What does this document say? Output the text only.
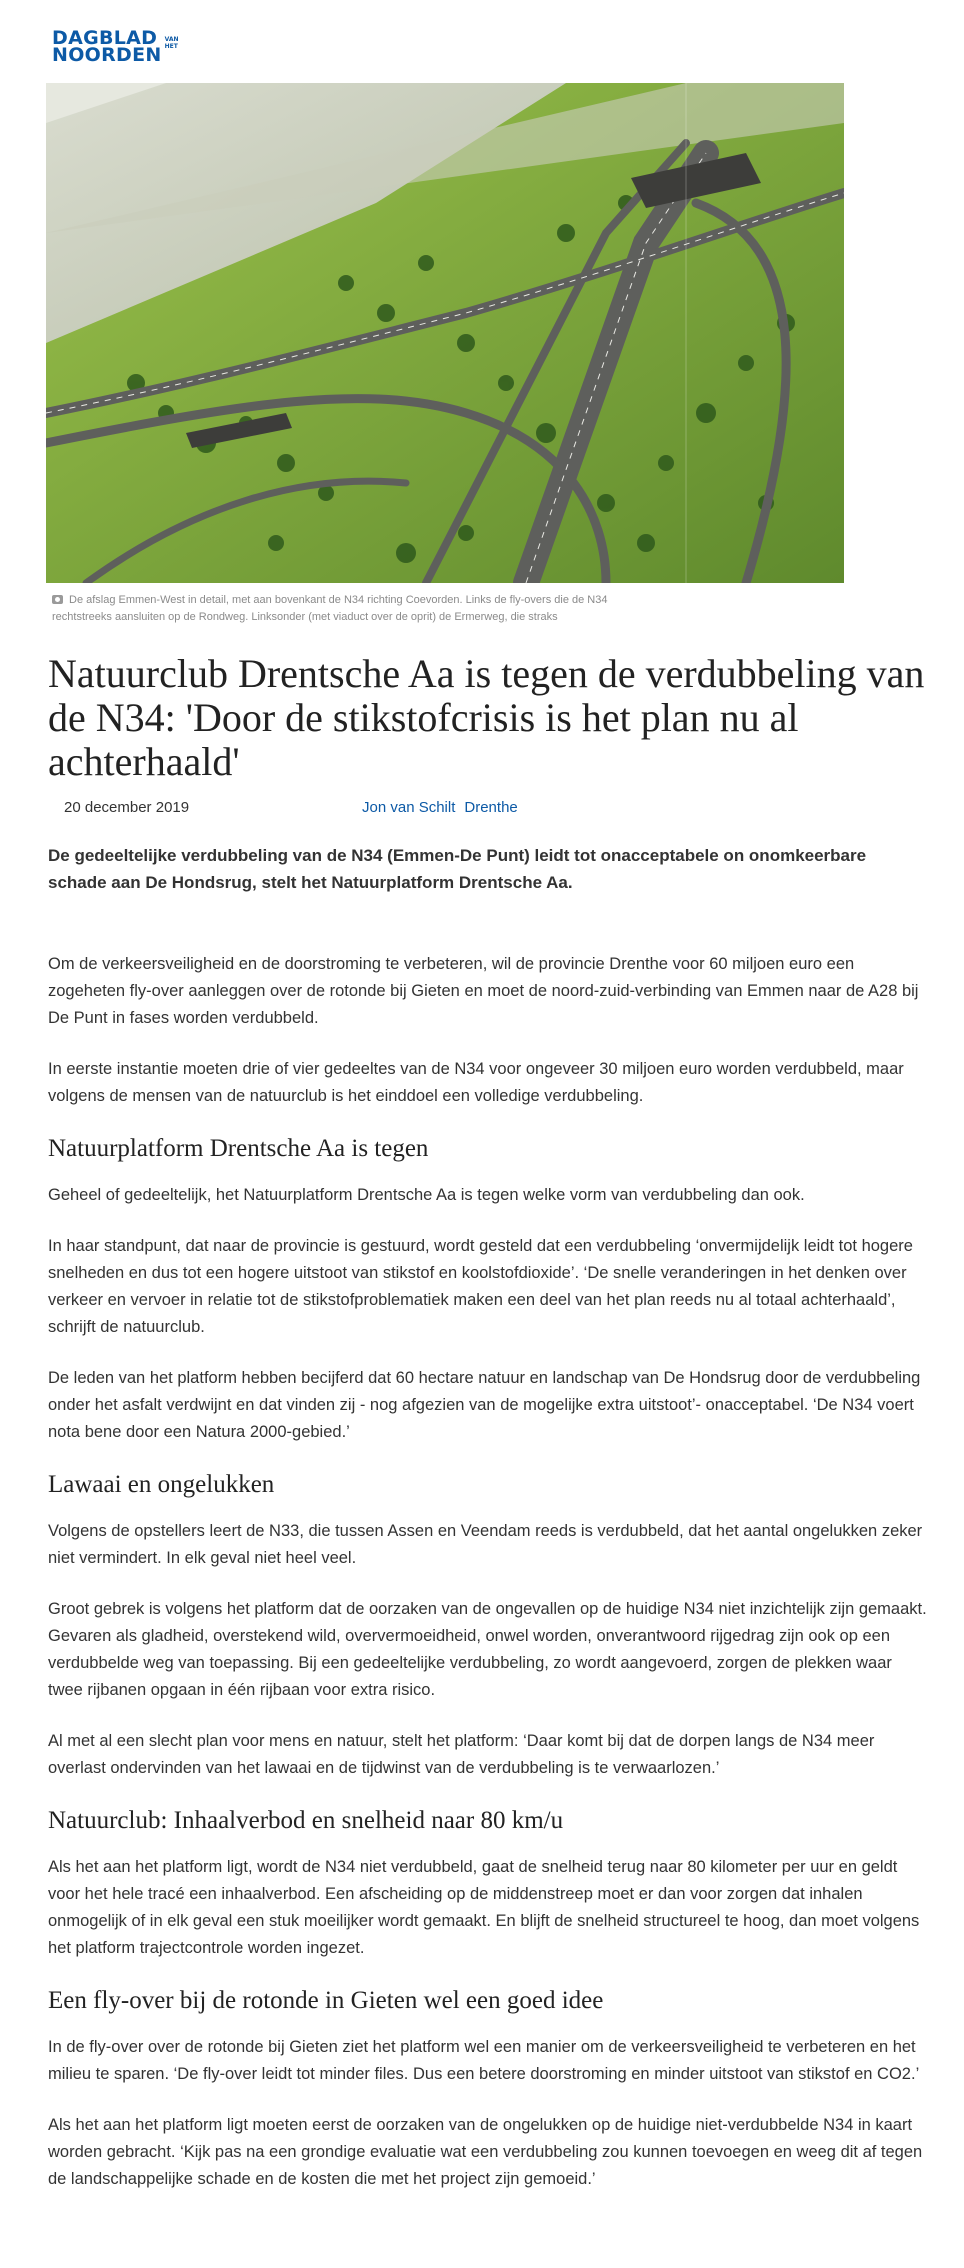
DAGBLAD
NOORDEN
VAN
HET
De afslag Emmen-West in detail, met aan bovenkant de N34 richting Coevorden. Links de fly-overs die de N34 rechtstreeks aansluiten op de Rondweg. Linksonder (met viaduct over de oprit) de Ermerweg, die straks
Natuurclub Drentsche Aa is tegen de verdubbeling van de N34: 'Door de stikstofcrisis is het plan nu al achterhaald'
20 december 2019	Jon van Schilt Drenthe

De gedeeltelijke verdubbeling van de N34 (Emmen-De Punt) leidt tot onacceptabele on onomkeerbare schade aan De Hondsrug, stelt het Natuurplatform Drentsche Aa.

Om de verkeersveiligheid en de doorstroming te verbeteren, wil de provincie Drenthe voor 60 miljoen euro een zogeheten fly-over aanleggen over de rotonde bij Gieten en moet de noord-zuid-verbinding van Emmen naar de A28 bij De Punt in fases worden verdubbeld.

In eerste instantie moeten drie of vier gedeeltes van de N34 voor ongeveer 30 miljoen euro worden verdubbeld, maar volgens de mensen van de natuurclub is het einddoel een volledige verdubbeling.

Natuurplatform Drentsche Aa is tegen

Geheel of gedeeltelijk, het Natuurplatform Drentsche Aa is tegen welke vorm van verdubbeling dan ook.

In haar standpunt, dat naar de provincie is gestuurd, wordt gesteld dat een verdubbeling ‘onvermijdelijk leidt tot hogere snelheden en dus tot een hogere uitstoot van stikstof en koolstofdioxide’. ‘De snelle veranderingen in het denken over verkeer en vervoer in relatie tot de stikstofproblematiek maken een deel van het plan reeds nu al totaal achterhaald’, schrijft de natuurclub.

De leden van het platform hebben becijferd dat 60 hectare natuur en landschap van De Hondsrug door de verdubbeling onder het asfalt verdwijnt en dat vinden zij - nog afgezien van de mogelijke extra uitstoot’- onacceptabel. ‘De N34 voert nota bene door een Natura 2000-gebied.’

Lawaai en ongelukken

Volgens de opstellers leert de N33, die tussen Assen en Veendam reeds is verdubbeld, dat het aantal ongelukken zeker niet vermindert. In elk geval niet heel veel.

Groot gebrek is volgens het platform dat de oorzaken van de ongevallen op de huidige N34 niet inzichtelijk zijn gemaakt. Gevaren als gladheid, overstekend wild, oververmoeidheid, onwel worden, onverantwoord rijgedrag zijn ook op een verdubbelde weg van toepassing. Bij een gedeeltelijke verdubbeling, zo wordt aangevoerd, zorgen de plekken waar twee rijbanen opgaan in één rijbaan voor extra risico.

Al met al een slecht plan voor mens en natuur, stelt het platform: ‘Daar komt bij dat de dorpen langs de N34 meer overlast ondervinden van het lawaai en de tijdwinst van de verdubbeling is te verwaarlozen.’

Natuurclub: Inhaalverbod en snelheid naar 80 km/u

Als het aan het platform ligt, wordt de N34 niet verdubbeld, gaat de snelheid terug naar 80 kilometer per uur en geldt voor het hele tracé een inhaalverbod. Een afscheiding op de middenstreep moet er dan voor zorgen dat inhalen onmogelijk of in elk geval een stuk moeilijker wordt gemaakt. En blijft de snelheid structureel te hoog, dan moet volgens het platform trajectcontrole worden ingezet.

Een fly-over bij de rotonde in Gieten wel een goed idee

In de fly-over over de rotonde bij Gieten ziet het platform wel een manier om de verkeersveiligheid te verbeteren en het milieu te sparen. ‘De fly-over leidt tot minder files. Dus een betere doorstroming en minder uitstoot van stikstof en CO2.’

Als het aan het platform ligt moeten eerst de oorzaken van de ongelukken op de huidige niet-verdubbelde N34 in kaart worden gebracht. ‘Kijk pas na een grondige evaluatie wat een verdubbeling zou kunnen toevoegen en weeg dit af tegen de landschappelijke schade en de kosten die met het project zijn gemoeid.’
